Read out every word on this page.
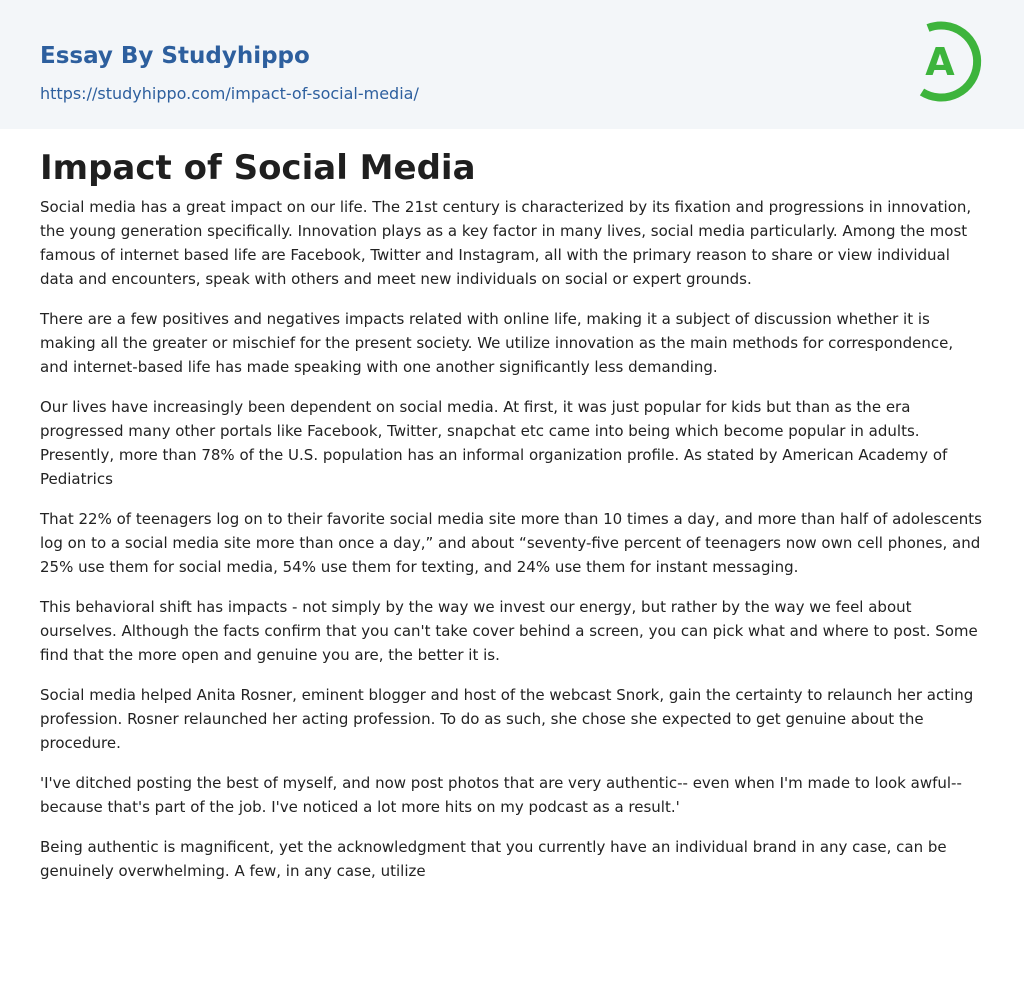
Essay By Studyhippo
https://studyhippo.com/impact-of-social-media/
A
Impact of Social Media

Social media has a great impact on our life. The 21st century is characterized by its fixation and progressions in innovation, the young generation specifically. Innovation plays as a key factor in many lives, social media particularly. Among the most famous of internet based life are Facebook, Twitter and Instagram, all with the primary reason to share or view individual data and encounters, speak with others and meet new individuals on social or expert grounds.

There are a few positives and negatives impacts related with online life, making it a subject of discussion whether it is making all the greater or mischief for the present society. We utilize innovation as the main methods for correspondence, and internet-based life has made speaking with one another significantly less demanding.

Our lives have increasingly been dependent on social media. At first, it was just popular for kids but than as the era progressed many other portals like Facebook, Twitter, snapchat etc came into being which become popular in adults. Presently, more than 78% of the U.S. population has an informal organization profile. As stated by American Academy of Pediatrics

That 22% of teenagers log on to their favorite social media site more than 10 times a day, and more than half of adolescents log on to a social media site more than once a day,” and about “seventy-five percent of teenagers now own cell phones, and 25% use them for social media, 54% use them for texting, and 24% use them for instant messaging.

This behavioral shift has impacts - not simply by the way we invest our energy, but rather by the way we feel about ourselves. Although the facts confirm that you can't take cover behind a screen, you can pick what and where to post. Some find that the more open and genuine you are, the better it is.

Social media helped Anita Rosner, eminent blogger and host of the webcast Snork, gain the certainty to relaunch her acting profession. Rosner relaunched her acting profession. To do as such, she chose she expected to get genuine about the procedure.

'I've ditched posting the best of myself, and now post photos that are very authentic-- even when I'm made to look awful-- because that's part of the job. I've noticed a lot more hits on my podcast as a result.'

Being authentic is magnificent, yet the acknowledgment that you currently have an individual brand in any case, can be genuinely overwhelming. A few, in any case, utilize
